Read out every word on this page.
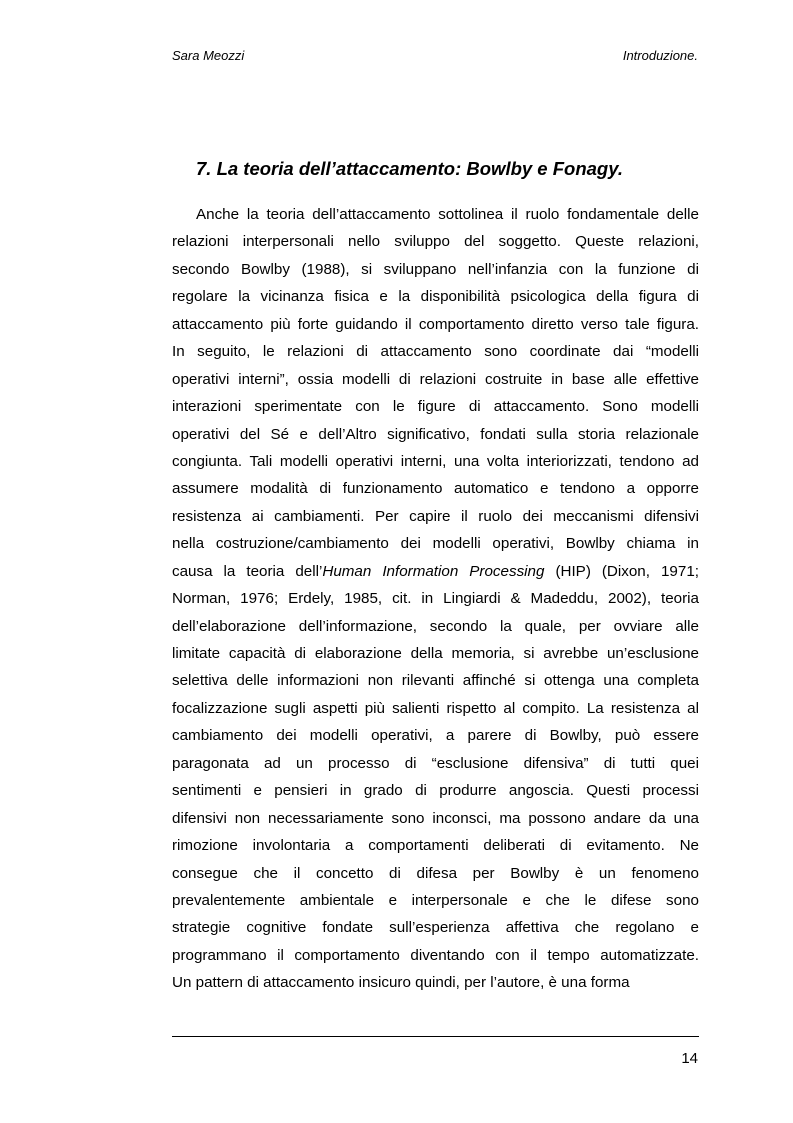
Sara Meozzi	Introduzione.
7. La teoria dell’attaccamento: Bowlby e Fonagy.
Anche la teoria dell’attaccamento sottolinea il ruolo fondamentale delle
relazioni interpersonali nello sviluppo del soggetto. Queste relazioni,
secondo Bowlby (1988), si sviluppano nell’infanzia con la funzione di
regolare la vicinanza fisica e la disponibilità psicologica della figura di
attaccamento più forte guidando il comportamento diretto verso tale figura.
In seguito, le relazioni di attaccamento sono coordinate dai “modelli
operativi interni”, ossia modelli di relazioni costruite in base alle effettive
interazioni sperimentate con le figure di attaccamento. Sono modelli
operativi del Sé e dell’Altro significativo, fondati sulla storia relazionale
congiunta. Tali modelli operativi interni, una volta interiorizzati, tendono ad
assumere modalità di funzionamento automatico e tendono a opporre
resistenza ai cambiamenti. Per capire il ruolo dei meccanismi difensivi
nella costruzione/cambiamento dei modelli operativi, Bowlby chiama in
causa la teoria dell’Human Information Processing (HIP) (Dixon, 1971;
Norman, 1976; Erdely, 1985, cit. in Lingiardi & Madeddu, 2002), teoria
dell’elaborazione dell’informazione, secondo la quale, per ovviare alle
limitate capacità di elaborazione della memoria, si avrebbe un’esclusione
selettiva delle informazioni non rilevanti affinché si ottenga una completa
focalizzazione sugli aspetti più salienti rispetto al compito. La resistenza al
cambiamento dei modelli operativi, a parere di Bowlby, può essere
paragonata ad un processo di “esclusione difensiva” di tutti quei
sentimenti e pensieri in grado di produrre angoscia. Questi processi
difensivi non necessariamente sono inconsci, ma possono andare da una
rimozione involontaria a comportamenti deliberati di evitamento. Ne
consegue che il concetto di difesa per Bowlby è un fenomeno
prevalentemente ambientale e interpersonale e che le difese sono
strategie cognitive fondate sull’esperienza affettiva che regolano e
programmano il comportamento diventando con il tempo automatizzate.
Un pattern di attaccamento insicuro quindi, per l’autore, è una forma
14
